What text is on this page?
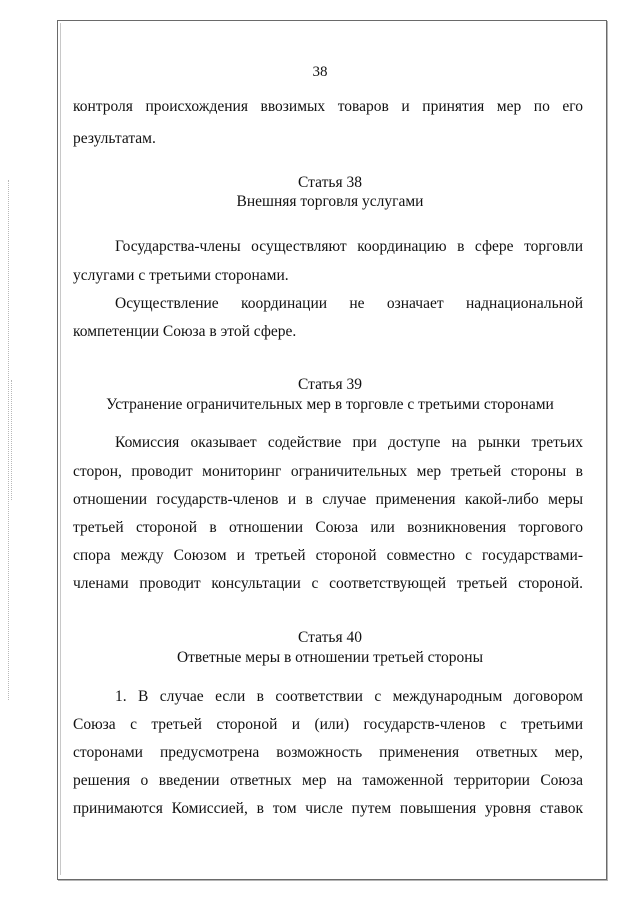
38
контроля происхождения ввозимых товаров и принятия мер по его
результатам.
Статья 38
Внешняя торговля услугами
Государства-члены осуществляют координацию в сфере торговли
услугами с третьими сторонами.
Осуществление координации не означает наднациональной
компетенции Союза в этой сфере.
Статья 39
Устранение ограничительных мер в торговле с третьими сторонами
Комиссия оказывает содействие при доступе на рынки третьих
сторон, проводит мониторинг ограничительных мер третьей стороны в
отношении государств-членов и в случае применения какой-либо меры
третьей стороной в отношении Союза или возникновения торгового
спора между Союзом и третьей стороной совместно с государствами-
членами проводит консультации с соответствующей третьей стороной.
Статья 40
Ответные меры в отношении третьей стороны
1. В случае если в соответствии с международным договором
Союза с третьей стороной и (или) государств-членов с третьими
сторонами предусмотрена возможность применения ответных мер,
решения о введении ответных мер на таможенной территории Союза
принимаются Комиссией, в том числе путем повышения уровня ставок
